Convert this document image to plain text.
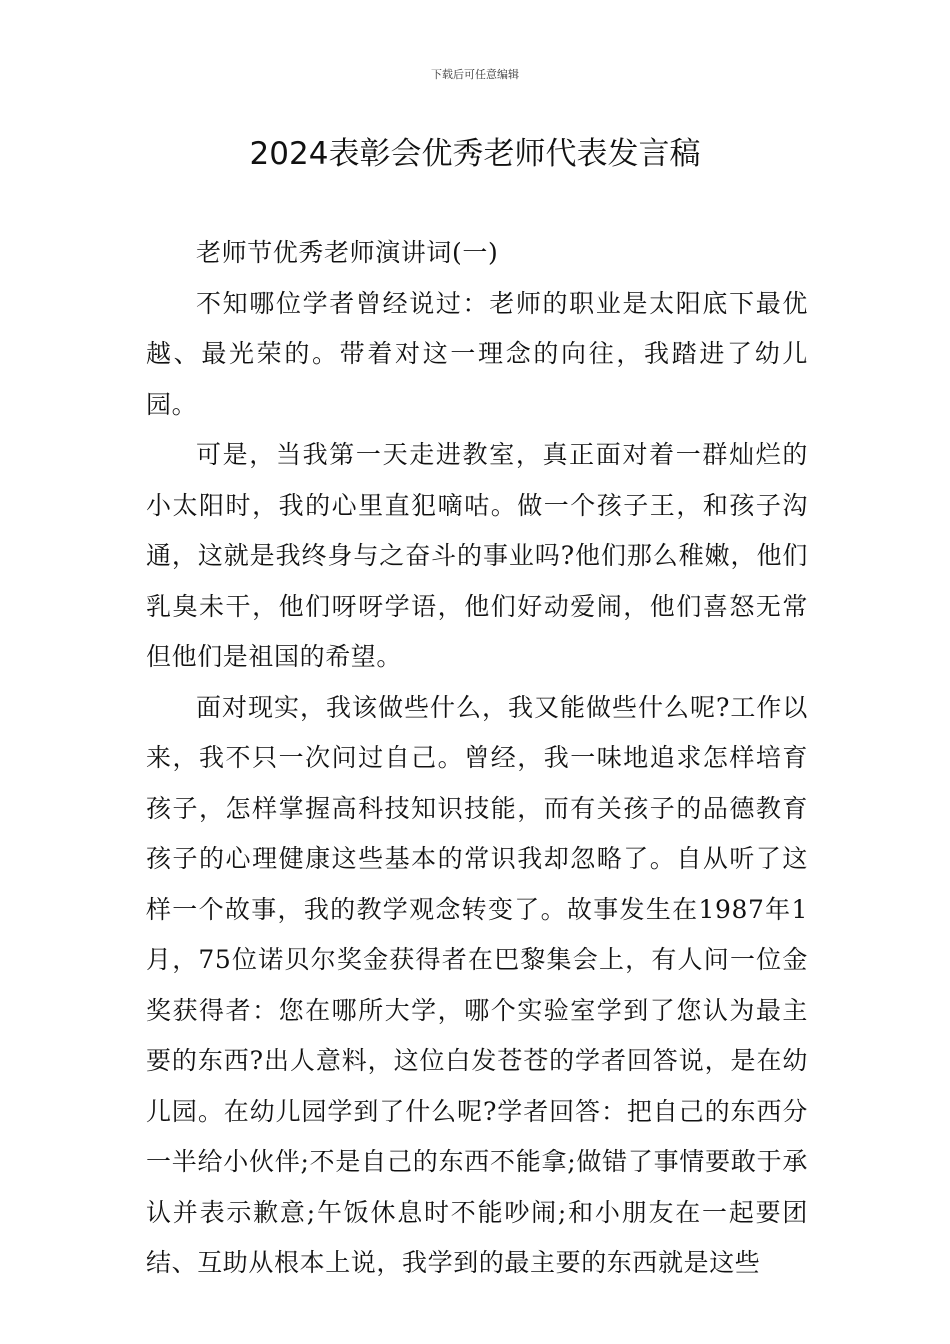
下载后可任意编辑
2024表彰会优秀老师代表发言稿

老师节优秀老师演讲词(一)

不知哪位学者曾经说过：老师的职业是太阳底下最优越、最光荣的。带着对这一理念的向往，我踏进了幼儿园。

可是，当我第一天走进教室，真正面对着一群灿烂的小太阳时，我的心里直犯嘀咕。做一个孩子王，和孩子沟通，这就是我终身与之奋斗的事业吗?他们那么稚嫩，他们乳臭未干，他们呀呀学语，他们好动爱闹，他们喜怒无常但他们是祖国的希望。

面对现实，我该做些什么，我又能做些什么呢?工作以来，我不只一次问过自己。曾经，我一味地追求怎样培育孩子，怎样掌握高科技知识技能，而有关孩子的品德教育孩子的心理健康这些基本的常识我却忽略了。自从听了这样一个故事，我的教学观念转变了。故事发生在1987年1月，75位诺贝尔奖金获得者在巴黎集会上，有人问一位金奖获得者：您在哪所大学，哪个实验室学到了您认为最主要的东西?出人意料，这位白发苍苍的学者回答说，是在幼儿园。在幼儿园学到了什么呢?学者回答：把自己的东西分一半给小伙伴;不是自己的东西不能拿;做错了事情要敢于承认并表示歉意;午饭休息时不能吵闹;和小朋友在一起要团结、互助从根本上说，我学到的最主要的东西就是这些
